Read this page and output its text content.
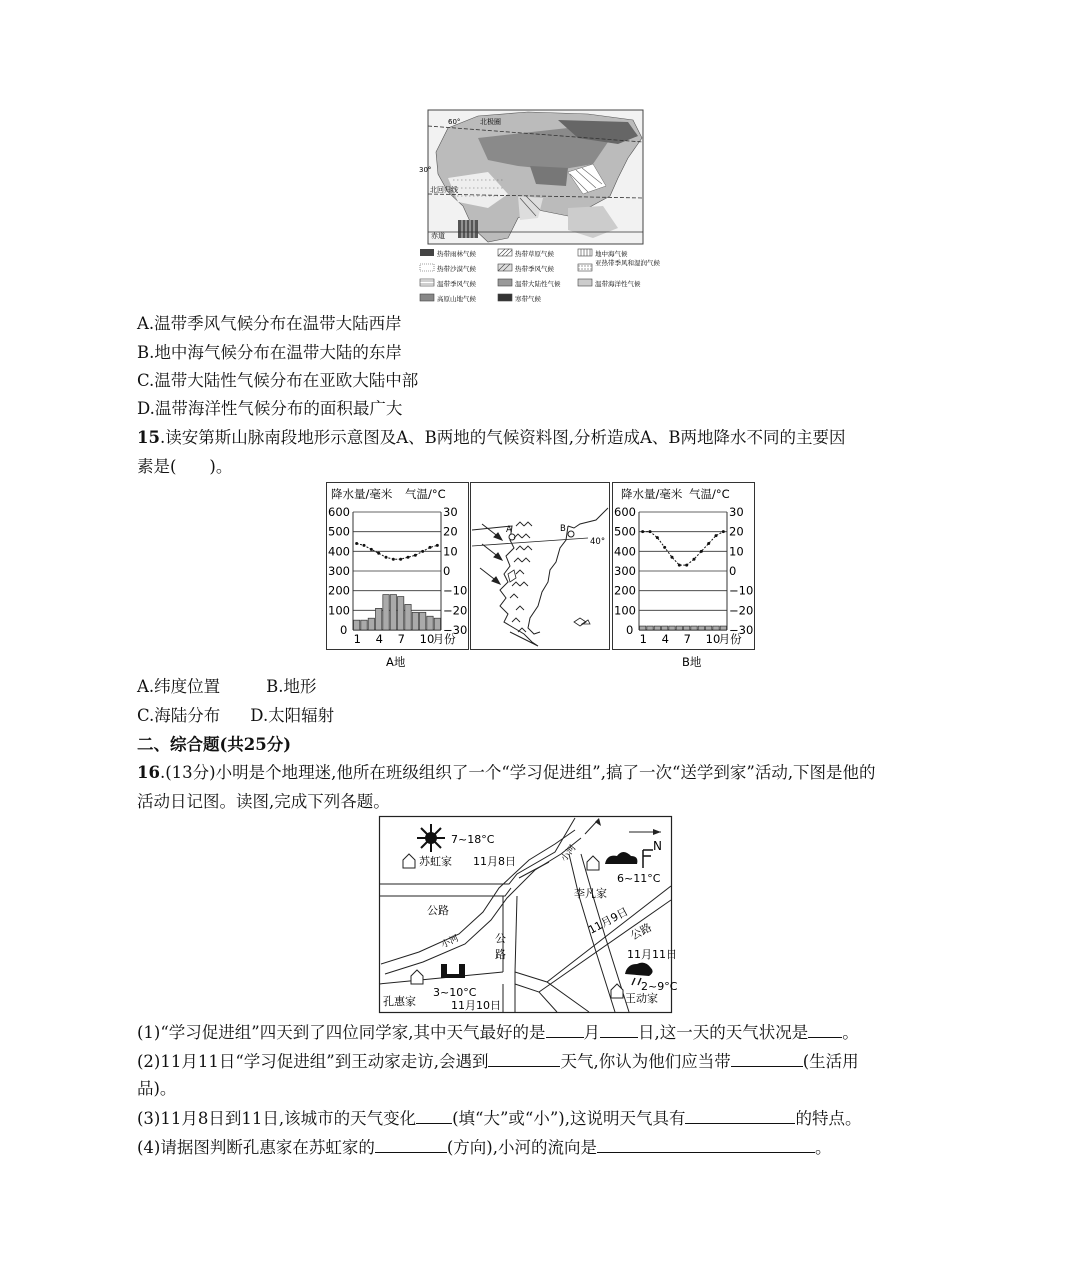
60°	北极圈
30°
北回归线
赤道
热带雨林气候	热带草原气候	地中海气候
热带沙漠气候	热带季风气候
亚热带季风和湿润气候
温带季风气候	温带大陆性气候	温带海洋性气候
高原山地气候	寒带气候
A.温带季风气候分布在温带大陆西岸
B.地中海气候分布在温带大陆的东岸
C.温带大陆性气候分布在亚欧大陆中部
D.温带海洋性气候分布的面积最广大
15.读安第斯山脉南段地形示意图及A、B两地的气候资料图,分析造成A、B两地降水不同的主要因
素是(　　)。
降水量/毫米 气温/°C
A地
0
100
200
300
400
500
600	30
20
10
0
−10
−20
−30
1 4 7 10
月份
40°
A	B
降水量/毫米 气温/°C
B地
0
100
200
300
400
500
600	30
20
10
0
−10
−20
−30
1 4 7 10
月份
A.纬度位置	B.地形
C.海陆分布 D.太阳辐射
二、综合题(共25分)
16.(13分)小明是个地理迷,他所在班级组织了一个“学习促进组”,搞了一次“送学到家”活动,下图是他的
活动日记图。读图,完成下列各题。
N
7~18°C
苏虹家 11月8日
6~11°C
李凡家
11月9日
3~10°C
孔惠家	11月10日
11月11日
2~9°C
王动家
公路
公
路
公路
小河
小河
(1)“学习促进组”四天到了四位同学家,其中天气最好的是 月 日,这一天的天气状况是 。
(2)11月11日“学习促进组”到王动家走访,会遇到	天气,你认为他们应当带	(生活用
品)。
(3)11月8日到11日,该城市的天气变化 (填“大”或“小”),这说明天气具有	的特点。
(4)请据图判断孔惠家在苏虹家的	(方向),小河的流向是	。
